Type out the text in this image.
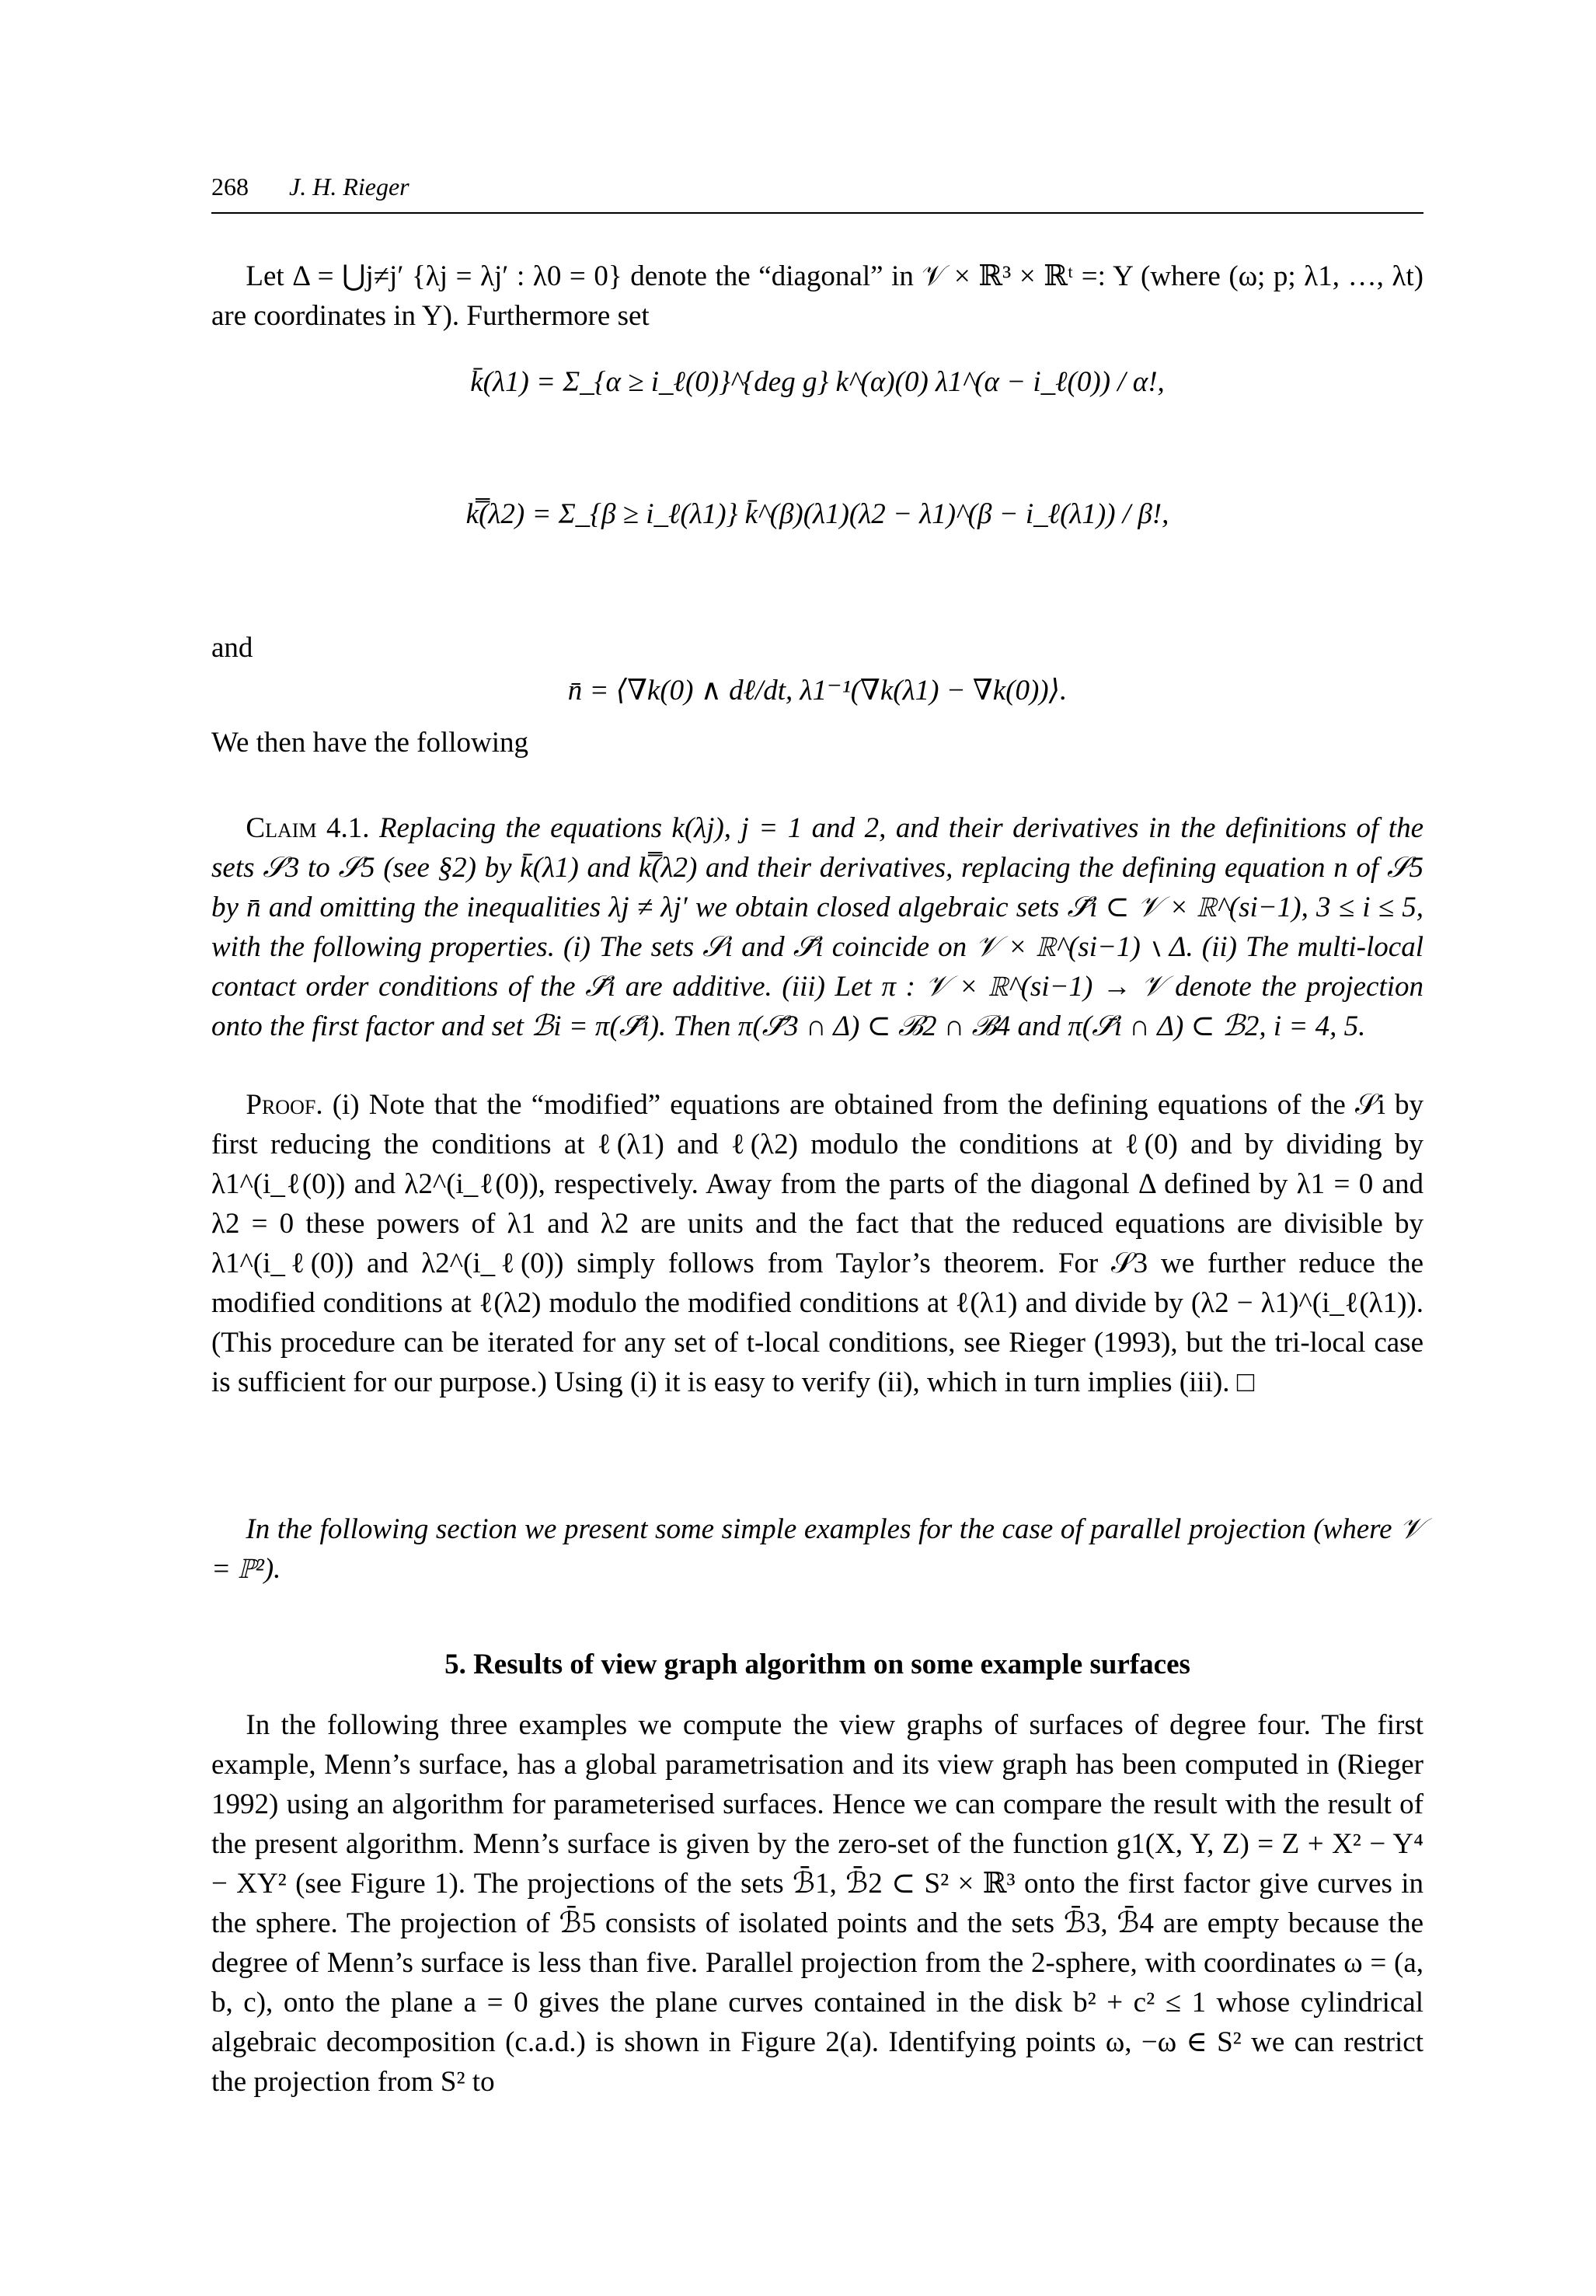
268 J. H. Rieger
Let Δ = ⋃j≠j′ {λj = λj′ : λ0 = 0} denote the “diagonal” in 𝒱 × ℝ³ × ℝᵗ =: Y (where (ω; p; λ1, …, λt) are coordinates in Y). Furthermore set
k̄(λ1) = Σ_{α ≥ i_ℓ(0)}^{deg g} k^(α)(0) λ1^(α − i_ℓ(0)) / α!,
k̿(λ2) = Σ_{β ≥ i_ℓ(λ1)} k̄^(β)(λ1)(λ2 − λ1)^(β − i_ℓ(λ1)) / β!,
and
n̄ = ⟨∇k(0) ∧ dℓ/dt, λ1⁻¹(∇k(λ1) − ∇k(0))⟩.
We then have the following
Claim 4.1. Replacing the equations k(λj), j = 1 and 2, and their derivatives in the definitions of the sets 𝒮3 to 𝒮5 (see §2) by k̄(λ1) and k̿(λ2) and their derivatives, replacing the defining equation n of 𝒮5 by n̄ and omitting the inequalities λj ≠ λj′ we obtain closed algebraic sets 𝒮̄i ⊂ 𝒱 × ℝ^(si−1), 3 ≤ i ≤ 5, with the following properties. (i) The sets 𝒮i and 𝒮̄i coincide on 𝒱 × ℝ^(si−1) ∖ Δ. (ii) The multi-local contact order conditions of the 𝒮̄i are additive. (iii) Let π : 𝒱 × ℝ^(si−1) → 𝒱 denote the projection onto the first factor and set ℬi = π(𝒮̄i). Then π(𝒮̄3 ∩ Δ) ⊂ ℬ2 ∩ ℬ4 and π(𝒮̄i ∩ Δ) ⊂ ℬ2, i = 4, 5.
Proof. (i) Note that the “modified” equations are obtained from the defining equations of the 𝒮i by first reducing the conditions at ℓ(λ1) and ℓ(λ2) modulo the conditions at ℓ(0) and by dividing by λ1^(i_ℓ(0)) and λ2^(i_ℓ(0)), respectively. Away from the parts of the diagonal Δ defined by λ1 = 0 and λ2 = 0 these powers of λ1 and λ2 are units and the fact that the reduced equations are divisible by λ1^(i_ℓ(0)) and λ2^(i_ℓ(0)) simply follows from Taylor’s theorem. For 𝒮3 we further reduce the modified conditions at ℓ(λ2) modulo the modified conditions at ℓ(λ1) and divide by (λ2 − λ1)^(i_ℓ(λ1)). (This procedure can be iterated for any set of t-local conditions, see Rieger (1993), but the tri-local case is sufficient for our purpose.) Using (i) it is easy to verify (ii), which in turn implies (iii). □
In the following section we present some simple examples for the case of parallel projection (where 𝒱 = ℙ²).
5. Results of view graph algorithm on some example surfaces
In the following three examples we compute the view graphs of surfaces of degree four. The first example, Menn’s surface, has a global parametrisation and its view graph has been computed in (Rieger 1992) using an algorithm for parameterised surfaces. Hence we can compare the result with the result of the present algorithm. Menn’s surface is given by the zero-set of the function g1(X, Y, Z) = Z + X² − Y⁴ − XY² (see Figure 1). The projections of the sets ℬ̄1, ℬ̄2 ⊂ S² × ℝ³ onto the first factor give curves in the sphere. The projection of ℬ̄5 consists of isolated points and the sets ℬ̄3, ℬ̄4 are empty because the degree of Menn’s surface is less than five. Parallel projection from the 2-sphere, with coordinates ω = (a, b, c), onto the plane a = 0 gives the plane curves contained in the disk b² + c² ≤ 1 whose cylindrical algebraic decomposition (c.a.d.) is shown in Figure 2(a). Identifying points ω, −ω ∈ S² we can restrict the projection from S² to
